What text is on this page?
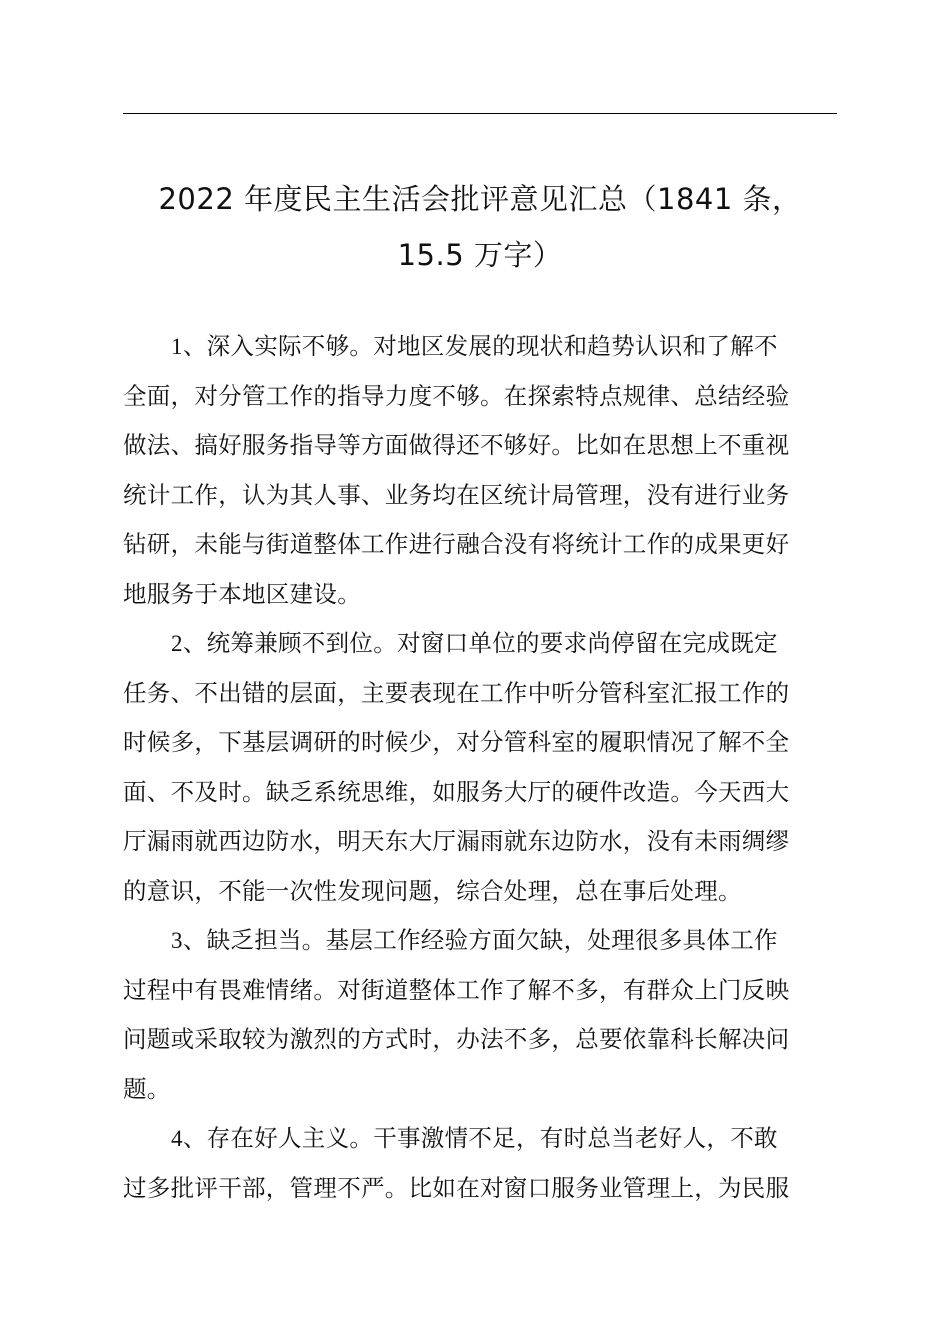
2022 年度民主生活会批评意见汇总（1841 条，
15.5 万字）

1、深入实际不够。对地区发展的现状和趋势认识和了解不
全面，对分管工作的指导力度不够。在探索特点规律、总结经验
做法、搞好服务指导等方面做得还不够好。比如在思想上不重视
统计工作，认为其人事、业务均在区统计局管理，没有进行业务
钻研，未能与街道整体工作进行融合没有将统计工作的成果更好
地服务于本地区建设。

2、统筹兼顾不到位。对窗口单位的要求尚停留在完成既定
任务、不出错的层面，主要表现在工作中听分管科室汇报工作的
时候多，下基层调研的时候少，对分管科室的履职情况了解不全
面、不及时。缺乏系统思维，如服务大厅的硬件改造。今天西大
厅漏雨就西边防水，明天东大厅漏雨就东边防水，没有未雨绸缪
的意识，不能一次性发现问题，综合处理，总在事后处理。

3、缺乏担当。基层工作经验方面欠缺，处理很多具体工作
过程中有畏难情绪。对街道整体工作了解不多，有群众上门反映
问题或采取较为激烈的方式时，办法不多，总要依靠科长解决问
题。

4、存在好人主义。干事激情不足，有时总当老好人，不敢
过多批评干部，管理不严。比如在对窗口服务业管理上，为民服
